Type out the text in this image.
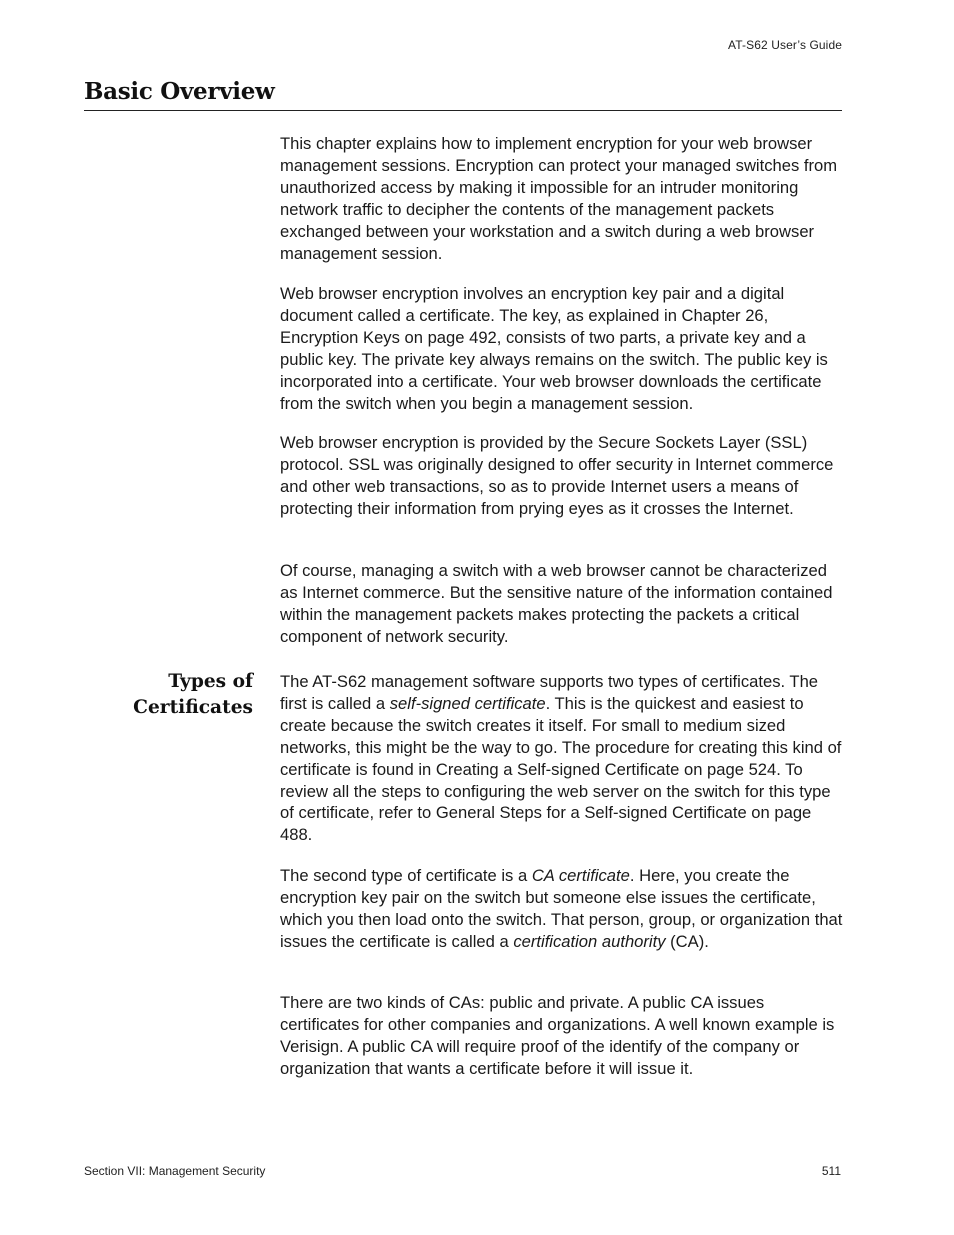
AT-S62 User’s Guide
Basic Overview

This chapter explains how to implement encryption for your web browser management sessions. Encryption can protect your managed switches from unauthorized access by making it impossible for an intruder monitoring network traffic to decipher the contents of the management packets exchanged between your workstation and a switch during a web browser management session.

Web browser encryption involves an encryption key pair and a digital document called a certificate. The key, as explained in Chapter 26, Encryption Keys on page 492, consists of two parts, a private key and a public key. The private key always remains on the switch. The public key is incorporated into a certificate. Your web browser downloads the certificate from the switch when you begin a management session.

Web browser encryption is provided by the Secure Sockets Layer (SSL) protocol. SSL was originally designed to offer security in Internet commerce and other web transactions, so as to provide Internet users a means of protecting their information from prying eyes as it crosses the Internet.

Of course, managing a switch with a web browser cannot be characterized as Internet commerce. But the sensitive nature of the information contained within the management packets makes protecting the packets a critical component of network security.

Types of
Certificates

The AT-S62 management software supports two types of certificates. The first is called a self-signed certificate. This is the quickest and easiest to create because the switch creates it itself. For small to medium sized networks, this might be the way to go. The procedure for creating this kind of certificate is found in Creating a Self-signed Certificate on page 524. To review all the steps to configuring the web server on the switch for this type of certificate, refer to General Steps for a Self-signed Certificate on page 488.

The second type of certificate is a CA certificate. Here, you create the encryption key pair on the switch but someone else issues the certificate, which you then load onto the switch. That person, group, or organization that issues the certificate is called a certification authority (CA).

There are two kinds of CAs: public and private. A public CA issues certificates for other companies and organizations. A well known example is Verisign. A public CA will require proof of the identify of the company or organization that wants a certificate before it will issue it.

Section VII: Management Security	511
